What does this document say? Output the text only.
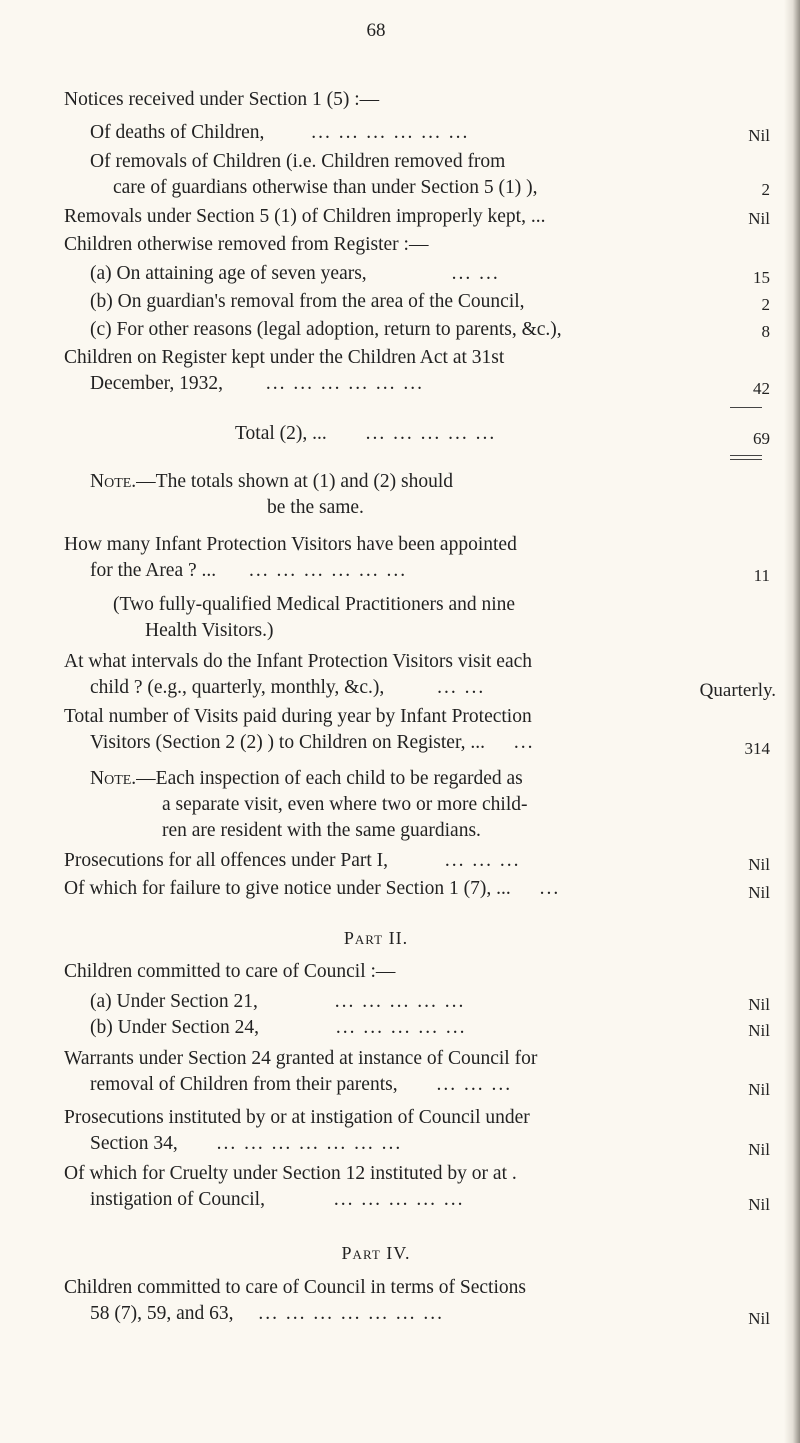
68
Notices received under Section 1 (5) :—
Of deaths of Children, ... ... ... ... ... ...	Nil
Of removals of Children (i.e. Children removed from
care of guardians otherwise than under Section 5 (1) ),	2
Removals under Section 5 (1) of Children improperly kept, ...	Nil
Children otherwise removed from Register :—
(a) On attaining age of seven years,	... ...	15
(b) On guardian's removal from the area of the Council,	2
(c) For other reasons (legal adoption, return to parents, &c.),	8
Children on Register kept under the Children Act at 31st
December, 1932, ... ... ... ... ... ...	42
Total (2), ... ... ... ... ... ...	69
Note.—The totals shown at (1) and (2) should
be the same.
How many Infant Protection Visitors have been appointed
for the Area ? ... ... ... ... ... ... ...	11
(Two fully-qualified Medical Practitioners and nine
Health Visitors.)
At what intervals do the Infant Protection Visitors visit each
child ? (e.g., quarterly, monthly, &c.),	... ...	Quarterly.
Total number of Visits paid during year by Infant Protection
Visitors (Section 2 (2) ) to Children on Register, ... ...	314
Note.—Each inspection of each child to be regarded as
a separate visit, even where two or more child-
ren are resident with the same guardians.
Prosecutions for all offences under Part I,	... ... ...	Nil
Of which for failure to give notice under Section 1 (7), ... ...	Nil
Part II.
Children committed to care of Council :—
(a) Under Section 21,	... ... ... ... ...	Nil
(b) Under Section 24,	... ... ... ... ...	Nil
Warrants under Section 24 granted at instance of Council for
removal of Children from their parents, ... ... ...	Nil
Prosecutions instituted by or at instigation of Council under
Section 34, ... ... ... ... ... ... ...	Nil
Of which for Cruelty under Section 12 instituted by or at .
instigation of Council,	... ... ... ... ...	Nil
Part IV.
Children committed to care of Council in terms of Sections
58 (7), 59, and 63, ... ... ... ... ... ... ...	Nil
